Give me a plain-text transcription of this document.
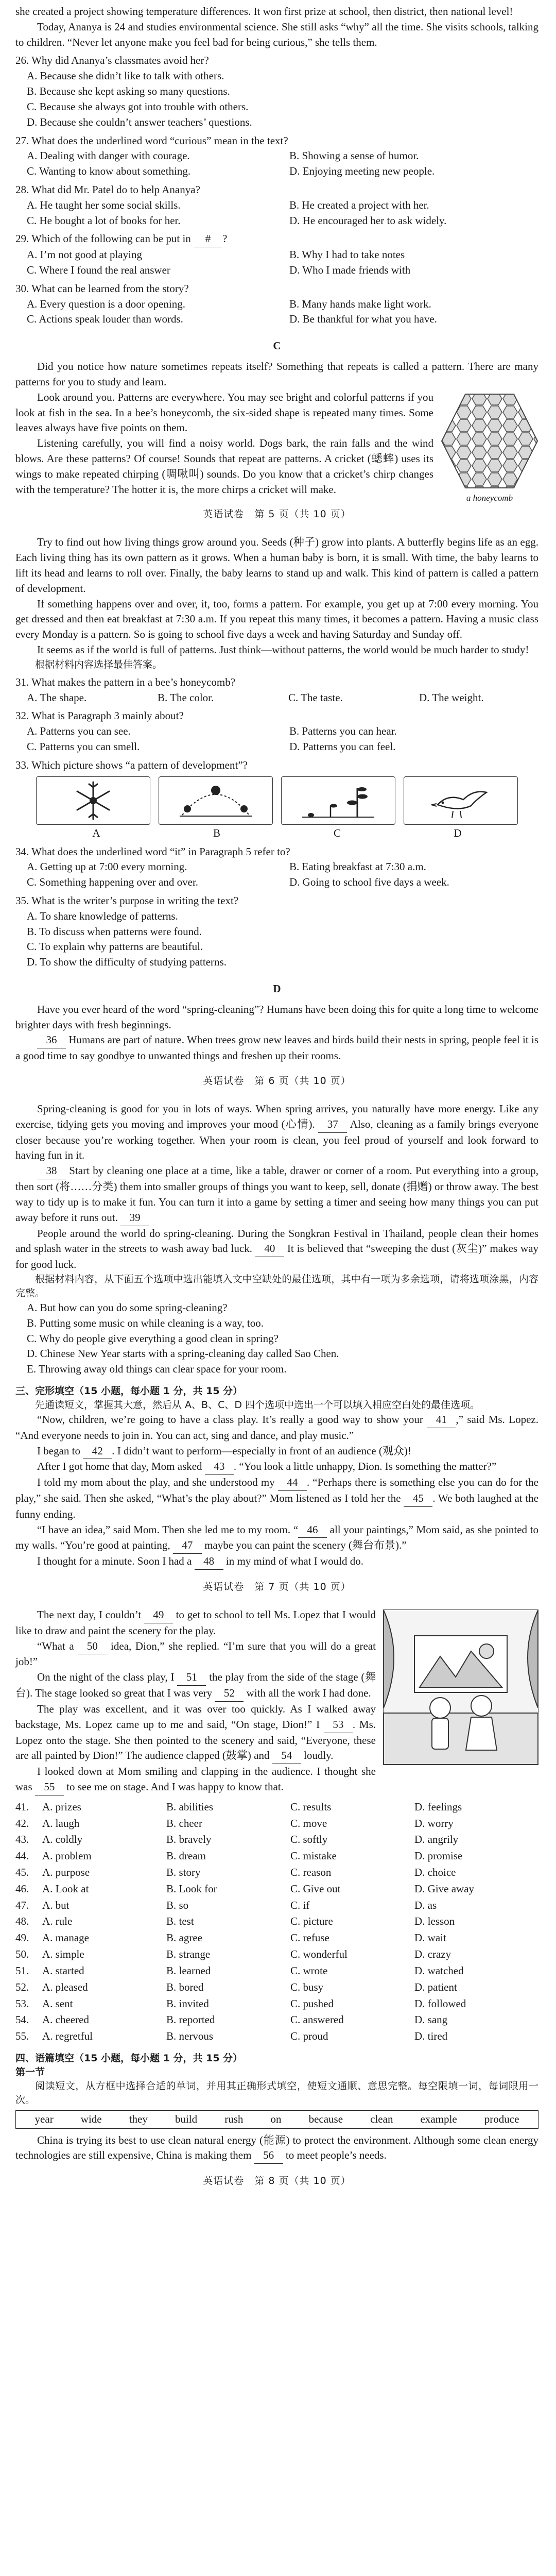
she created a project showing temperature differences. It won first prize at school, then district, then national level!

Today, Ananya is 24 and studies environmental science. She still asks “why” all the time. She visits schools, talking to children. “Never let anyone make you feel bad for being curious,” she tells them.

26. Why did Ananya’s classmates avoid her?

A. Because she didn’t like to talk with others.

B. Because she kept asking so many questions.

C. Because she always got into trouble with others.

D. Because she couldn’t answer teachers’ questions.

27. What does the underlined word “curious” mean in the text?

A. Dealing with danger with courage.	B. Showing a sense of humor.

C. Wanting to know about something.	D. Enjoying meeting new people.

28. What did Mr. Patel do to help Ananya?

A. He taught her some social skills.	B. He created a project with her.

C. He bought a lot of books for her.	D. He encouraged her to ask widely.

29. Which of the following can be put in # ?

A. I’m not good at playing	B. Why I had to take notes

C. Where I found the real answer	D. Who I made friends with

30. What can be learned from the story?

A. Every question is a door opening.	B. Many hands make light work.

C. Actions speak louder than words.	D. Be thankful for what you have.

C

Did you notice how nature sometimes repeats itself? Something that repeats is called a pattern. There are many patterns for you to study and learn.

a honeycomb

Look around you. Patterns are everywhere. You may see bright and colorful patterns if you look at fish in the sea. In a bee’s honeycomb, the six-sided shape is repeated many times. Some leaves always have five points on them.

Listening carefully, you will find a noisy world. Dogs bark, the rain falls and the wind blows. Are these patterns? Of course! Sounds that repeat are patterns. A cricket (蟋蟀) uses its wings to make repeated chirping (啁啾叫) sounds. Do you know that a cricket’s chirp changes with the temperature? The hotter it is, the more chirps a cricket will make.

英语试卷　第 5 页（共 10 页）

Try to find out how living things grow around you. Seeds (种子) grow into plants. A butterfly begins life as an egg. Each living thing has its own pattern as it grows. When a human baby is born, it is small. With time, the baby learns to lift its head and learns to roll over. Finally, the baby learns to stand up and walk. This kind of pattern is called a pattern of development.

If something happens over and over, it, too, forms a pattern. For example, you get up at 7:00 every morning. You get dressed and then eat breakfast at 7:30 a.m. If you repeat this many times, it becomes a pattern. Having a music class every Monday is a pattern. So is going to school five days a week and having Saturday and Sunday off.

It seems as if the world is full of patterns. Just think—without patterns, the world would be much harder to study!

根据材料内容选择最佳答案。

31. What makes the pattern in a bee’s honeycomb?

A. The shape.	B. The color.	C. The taste.	D. The weight.

32. What is Paragraph 3 mainly about?

A. Patterns you can see.	B. Patterns you can hear.

C. Patterns you can smell.	D. Patterns you can feel.

33. Which picture shows “a pattern of development”?

A	B	C	D

34. What does the underlined word “it” in Paragraph 5 refer to?

A. Getting up at 7:00 every morning.	B. Eating breakfast at 7:30 a.m.

C. Something happening over and over.	D. Going to school five days a week.

35. What is the writer’s purpose in writing the text?

A. To share knowledge of patterns.

B. To discuss when patterns were found.

C. To explain why patterns are beautiful.

D. To show the difficulty of studying patterns.

D

Have you ever heard of the word “spring-cleaning”? Humans have been doing this for quite a long time to welcome brighter days with fresh beginnings.

36 Humans are part of nature. When trees grow new leaves and birds build their nests in spring, people feel it is a good time to say goodbye to unwanted things and freshen up their rooms.

英语试卷　第 6 页（共 10 页）

Spring-cleaning is good for you in lots of ways. When spring arrives, you naturally have more energy. Like any exercise, tidying gets you moving and improves your mood (心情). 37 Also, cleaning as a family brings everyone closer because you’re working together. When your room is clean, you feel proud of yourself and look forward to having fun in it.

38 Start by cleaning one place at a time, like a table, drawer or corner of a room. Put everything into a group, then sort (将……分类) them into smaller groups of things you want to keep, sell, donate (捐赠) or throw away. The best way to tidy up is to make it fun. You can turn it into a game by setting a timer and seeing how many things you can put away before it runs out. 39

People around the world do spring-cleaning. During the Songkran Festival in Thailand, people clean their homes and splash water in the streets to wash away bad luck. 40 It is believed that “sweeping the dust (灰尘)” makes way for good luck.

根据材料内容，从下面五个选项中选出能填入文中空缺处的最佳选项，其中有一项为多余选项，请将选项涂黑，内容完整。

A. But how can you do some spring-cleaning?

B. Putting some music on while cleaning is a way, too.

C. Why do people give everything a good clean in spring?

D. Chinese New Year starts with a spring-cleaning day called Sao Chen.

E. Throwing away old things can clear space for your room.

三、完形填空（15 小题，每小题 1 分，共 15 分）

先通读短文，掌握其大意，然后从 A、B、C、D 四个选项中选出一个可以填入相应空白处的最佳选项。

“Now, children, we’re going to have a class play. It’s really a good way to show your 41 ,” said Ms. Lopez. “And everyone needs to join in. You can act, sing and dance, and play music.”

I began to 42 . I didn’t want to perform—especially in front of an audience (观众)!

After I got home that day, Mom asked 43 . “You look a little unhappy, Dion. Is something the matter?”

I told my mom about the play, and she understood my 44 . “Perhaps there is something else you can do for the play,” she said. Then she asked, “What’s the play about?” Mom listened as I told her the 45 . We both laughed at the funny ending.

“I have an idea,” said Mom. Then she led me to my room. “ 46 all your paintings,” Mom said, as she pointed to my walls. “You’re good at painting, 47 maybe you can paint the scenery (舞台布景).”

I thought for a minute. Soon I had a 48 in my mind of what I would do.

英语试卷　第 7 页（共 10 页）

The next day, I couldn’t 49 to get to school to tell Ms. Lopez that I would like to draw and paint the scenery for the play.

“What a 50 idea, Dion,” she replied. “I’m sure that you will do a great job!”

On the night of the class play, I 51 the play from the side of the stage (舞台). The stage looked so great that I was very 52 with all the work I had done.

The play was excellent, and it was over too quickly. As I walked away backstage, Ms. Lopez came up to me and said, “On stage, Dion!” I 53 . Ms. Lopez onto the stage. She then pointed to the scenery and said, “Everyone, these are all painted by Dion!” The audience clapped (鼓掌) and 54 loudly.

I looked down at Mom smiling and clapping in the audience. I thought she was 55 to see me on stage. And I was happy to know that.

41.	A. prizes	B. abilities	C. results	D. feelings
42.	A. laugh	B. cheer	C. move	D. worry
43.	A. coldly	B. bravely	C. softly	D. angrily
44.	A. problem	B. dream	C. mistake	D. promise
45.	A. purpose	B. story	C. reason	D. choice
46.	A. Look at	B. Look for	C. Give out	D. Give away
47.	A. but	B. so	C. if	D. as
48.	A. rule	B. test	C. picture	D. lesson
49.	A. manage	B. agree	C. refuse	D. wait
50.	A. simple	B. strange	C. wonderful	D. crazy
51.	A. started	B. learned	C. wrote	D. watched
52.	A. pleased	B. bored	C. busy	D. patient
53.	A. sent	B. invited	C. pushed	D. followed
54.	A. cheered	B. reported	C. answered	D. sang
55.	A. regretful	B. nervous	C. proud	D. tired

四、语篇填空（15 小题，每小题 1 分，共 15 分）

第一节

阅读短文，从方框中选择合适的单词，并用其正确形式填空，使短文通顺、意思完整。每空限填一词，每词限用一次。

year	wide	they	build	rush	on	because	clean	example	produce

China is trying its best to use clean natural energy (能源) to protect the environment. Although some clean energy technologies are still expensive, China is making them 56 to meet people’s needs.

英语试卷　第 8 页（共 10 页）
